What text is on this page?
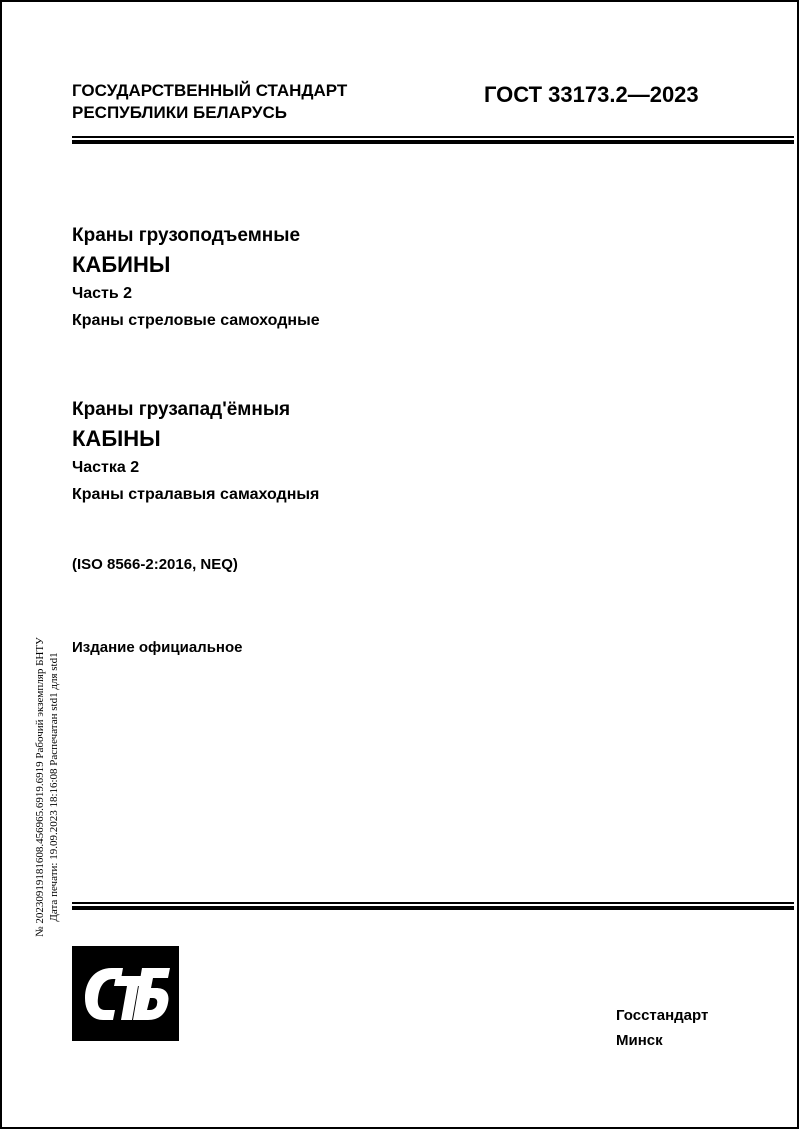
ГОСУДАРСТВЕННЫЙ СТАНДАРТ
РЕСПУБЛИКИ БЕЛАРУСЬ
ГОСТ 33173.2—2023
Краны грузоподъемные
КАБИНЫ
Часть 2
Краны стреловые самоходные
Краны грузапад'ёмныя
КАБІНЫ
Частка 2
Краны стралавыя самаходныя
(ISO 8566-2:2016, NEQ)
Издание официальное
№ 20230919181608.456965.6919.6919 Рабочий экземпляр БНТУ Дата печати: 19.09.2023 18:16:08 Распечатан std1 для std1
Госстандарт
Минск
